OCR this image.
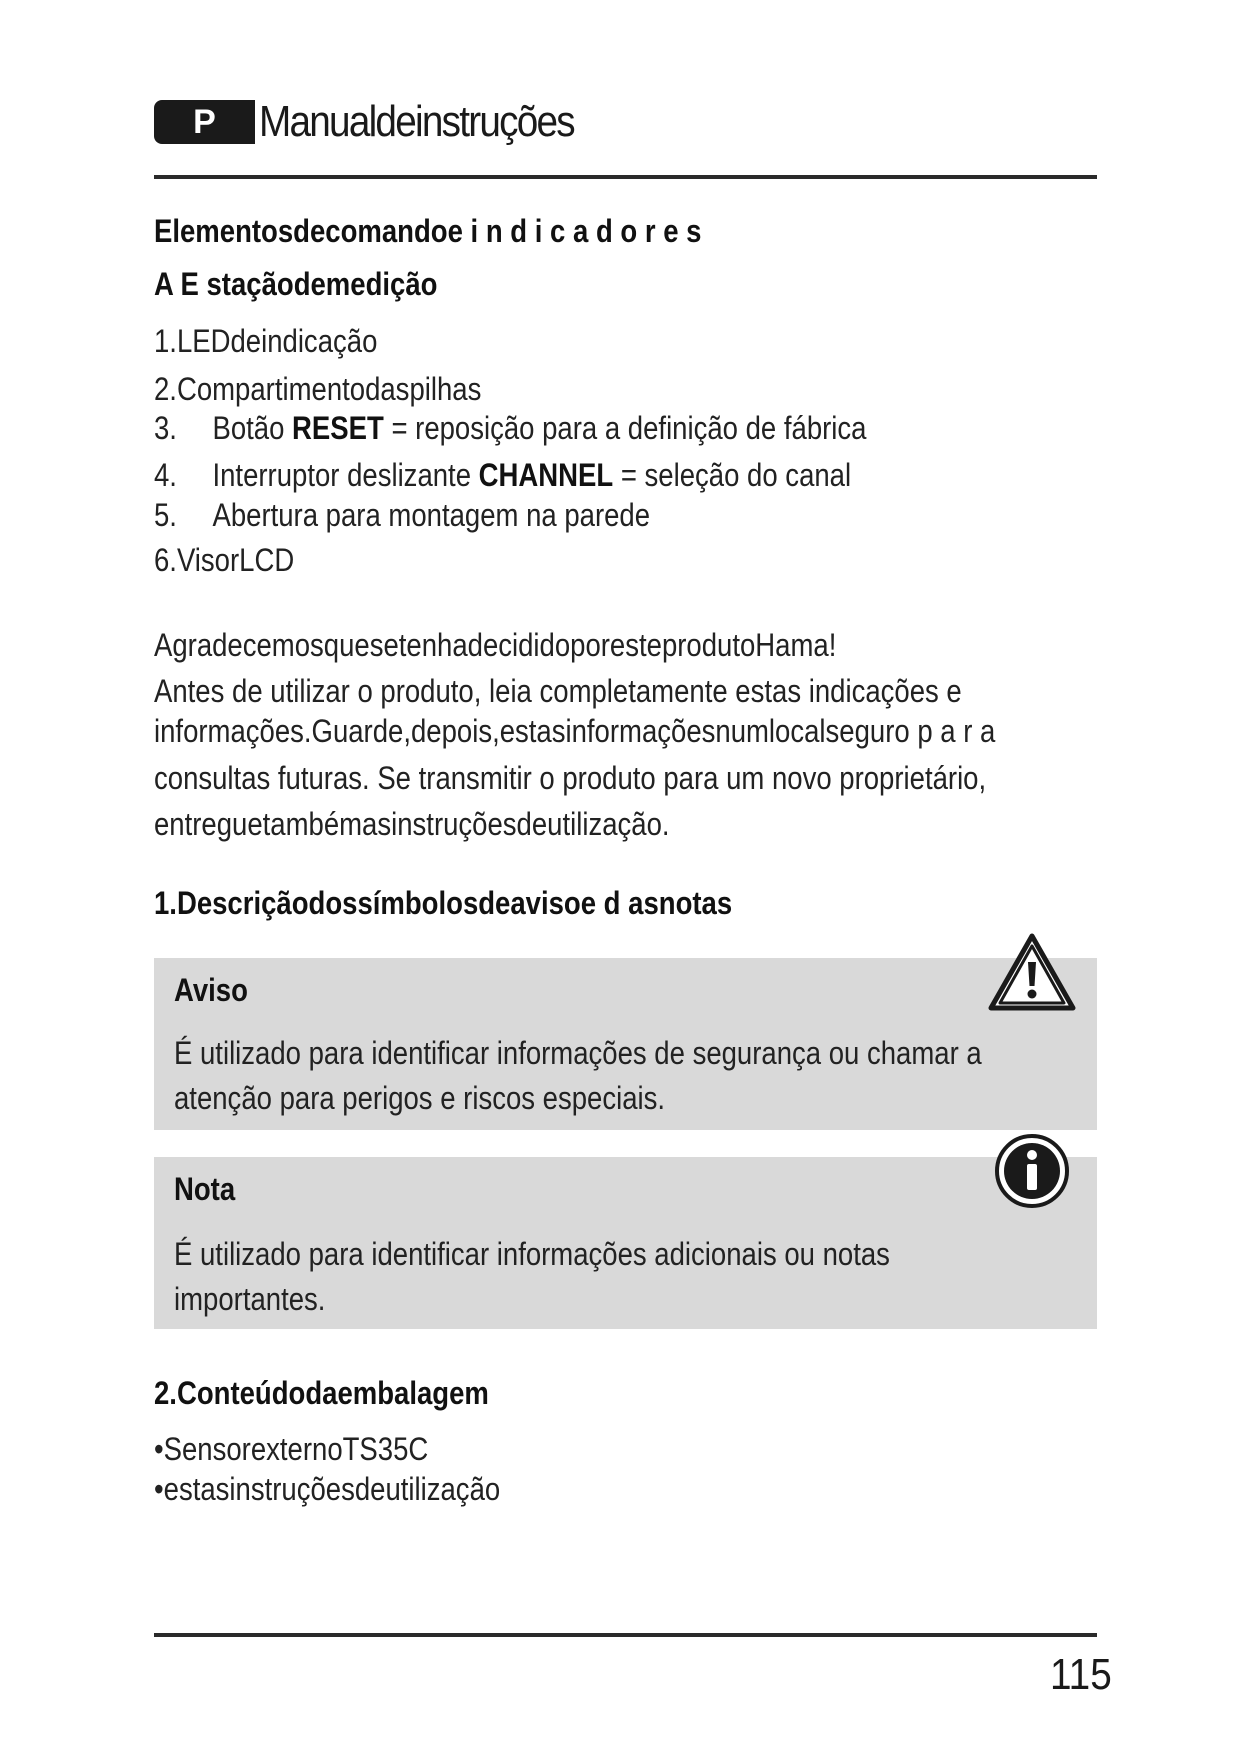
P Manualdeinstruções
Elementosdecomandoe i n d i c a d o r e s
A E staçãodemedição
1.LEDdeindicação
2.Compartimentodaspilhas
3. Botão RESET = reposição para a definição de fábrica
4. Interruptor deslizante CHANNEL = seleção do canal
5. Abertura para montagem na parede
6.VisorLCD
AgradecemosquesetenhadecididoporesteprodutoHama!
Antes de utilizar o produto, leia completamente estas indicações e
informações.Guarde,depois,estasinformaçõesnumlocalseguro p a r a
consultas futuras. Se transmitir o produto para um novo proprietário,
entreguetambémasinstruçõesdeutilização.
1.Descriçãodossímbolosdeavisoe d asnotas
Aviso
É utilizado para identificar informações de segurança ou chamar a
atenção para perigos e riscos especiais.
Nota
É utilizado para identificar informações adicionais ou notas
importantes.
2.Conteúdodaembalagem
•SensorexternoTS35C
•estasinstruçõesdeutilização
115
